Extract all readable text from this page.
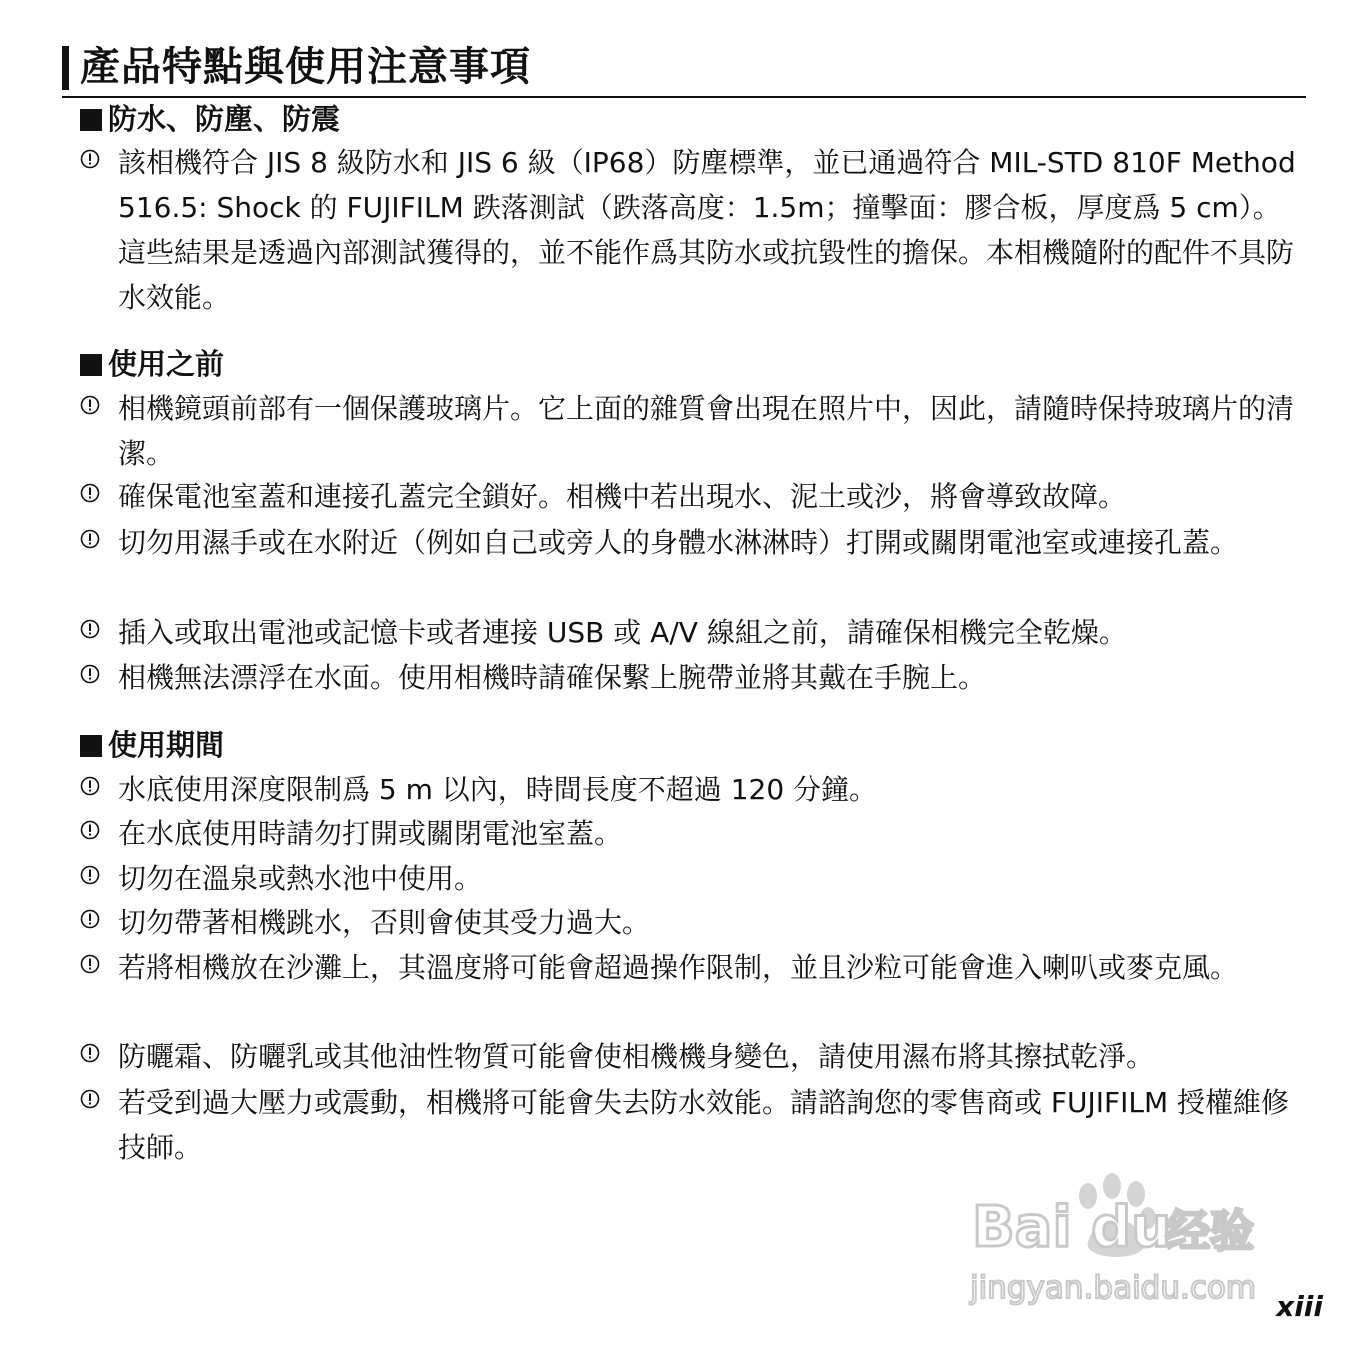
產品特點與使用注意事項
防水、防塵、防震
該相機符合 JIS 8 級防水和 JIS 6 級（IP68）防塵標準，並已通過符合 MIL-STD 810F Method 516.5: Shock 的 FUJIFILM 跌落測試（跌落高度：1.5m；撞擊面：膠合板，厚度爲 5 cm）。這些結果是透過內部測試獲得的，並不能作爲其防水或抗毀性的擔保。本相機隨附的配件不具防水效能。
使用之前
相機鏡頭前部有一個保護玻璃片。它上面的雜質會出現在照片中，因此，請隨時保持玻璃片的清潔。
確保電池室蓋和連接孔蓋完全鎖好。相機中若出現水、泥土或沙，將會導致故障。
切勿用濕手或在水附近（例如自己或旁人的身體水淋淋時）打開或關閉電池室或連接孔蓋。
插入或取出電池或記憶卡或者連接 USB 或 A/V 線組之前，請確保相機完全乾燥。
相機無法漂浮在水面。使用相機時請確保繫上腕帶並將其戴在手腕上。
使用期間
水底使用深度限制爲 5 m 以內，時間長度不超過 120 分鐘。
在水底使用時請勿打開或關閉電池室蓋。
切勿在溫泉或熱水池中使用。
切勿帶著相機跳水，否則會使其受力過大。
若將相機放在沙灘上，其溫度將可能會超過操作限制，並且沙粒可能會進入喇叭或麥克風。
防曬霜、防曬乳或其他油性物質可能會使相機機身變色，請使用濕布將其擦拭乾淨。
若受到過大壓力或震動，相機將可能會失去防水效能。請諮詢您的零售商或 FUJIFILM 授權維修技師。
Bai du
经验
jingyan.baidu.com
xiii
